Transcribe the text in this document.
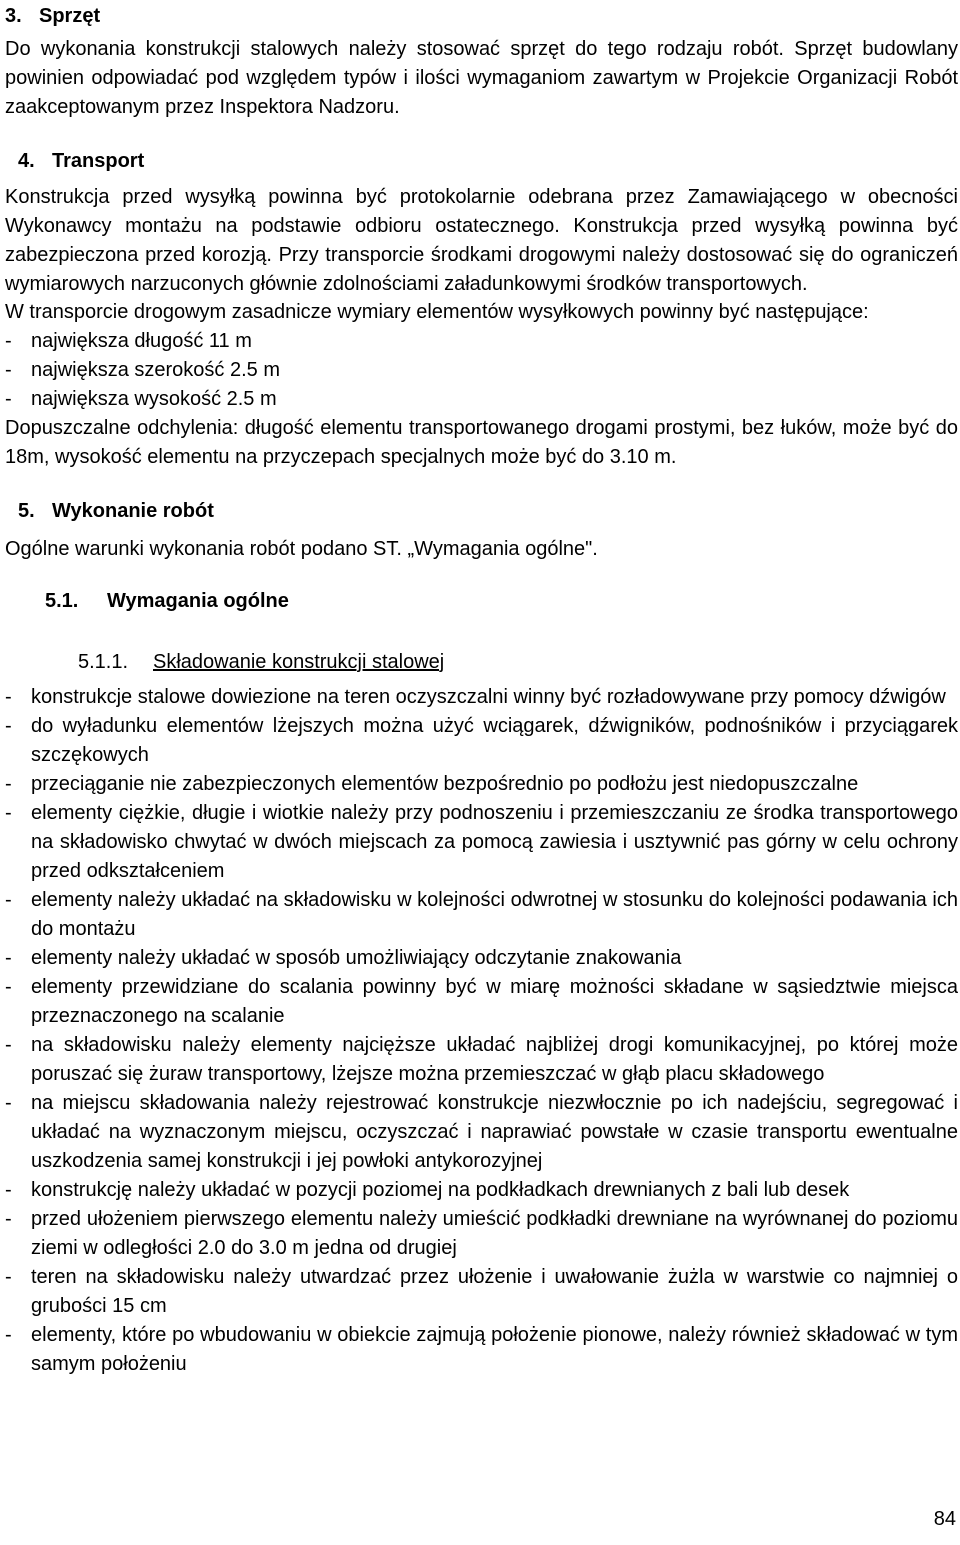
3. Sprzęt
Do wykonania konstrukcji stalowych należy stosować sprzęt do tego rodzaju robót. Sprzęt budowlany powinien odpowiadać pod względem typów i ilości wymaganiom zawartym w Projekcie Organizacji Robót zaakceptowanym przez Inspektora Nadzoru.
4. Transport
Konstrukcja przed wysyłką powinna być protokolarnie odebrana przez Zamawiającego w obecności Wykonawcy montażu na podstawie odbioru ostatecznego. Konstrukcja przed wysyłką powinna być zabezpieczona przed korozją. Przy transporcie środkami drogowymi należy dostosować się do ograniczeń wymiarowych narzuconych głównie zdolnościami załadunkowymi środków transportowych.
W transporcie drogowym zasadnicze wymiary elementów wysyłkowych powinny być następujące:
- największa długość 11 m
- największa szerokość 2.5 m
- największa wysokość 2.5 m
Dopuszczalne odchylenia: długość elementu transportowanego drogami prostymi, bez łuków, może być do 18m, wysokość elementu na przyczepach specjalnych może być do 3.10 m.
5. Wykonanie robót
Ogólne warunki wykonania robót podano ST. „Wymagania ogólne".
5.1. Wymagania ogólne
5.1.1. Składowanie konstrukcji stalowej
- konstrukcje stalowe dowiezione na teren oczyszczalni winny być rozładowywane przy pomocy dźwigów
- do wyładunku elementów lżejszych można użyć wciągarek, dźwigników, podnośników i przyciągarek szczękowych
- przeciąganie nie zabezpieczonych elementów bezpośrednio po podłożu jest niedopuszczalne
- elementy ciężkie, długie i wiotkie należy przy podnoszeniu i przemieszczaniu ze środka transportowego na składowisko chwytać w dwóch miejscach za pomocą zawiesia i usztywnić pas górny w celu ochrony przed odkształceniem
- elementy należy układać na składowisku w kolejności odwrotnej w stosunku do kolejności podawania ich do montażu
- elementy należy układać w sposób umożliwiający odczytanie znakowania
- elementy przewidziane do scalania powinny być w miarę możności składane w sąsiedztwie miejsca przeznaczonego na scalanie
- na składowisku należy elementy najcięższe układać najbliżej drogi komunikacyjnej, po której może poruszać się żuraw transportowy, lżejsze można przemieszczać w głąb placu składowego
- na miejscu składowania należy rejestrować konstrukcje niezwłocznie po ich nadejściu, segregować i układać na wyznaczonym miejscu, oczyszczać i naprawiać powstałe w czasie transportu ewentualne uszkodzenia samej konstrukcji i jej powłoki antykorozyjnej
- konstrukcję należy układać w pozycji poziomej na podkładkach drewnianych z bali lub desek
- przed ułożeniem pierwszego elementu należy umieścić podkładki drewniane na wyrównanej do poziomu ziemi w odległości 2.0 do 3.0 m jedna od drugiej
- teren na składowisku należy utwardzać przez ułożenie i uwałowanie żużla w warstwie co najmniej o grubości 15 cm
- elementy, które po wbudowaniu w obiekcie zajmują położenie pionowe, należy również składować w tym samym położeniu
84
